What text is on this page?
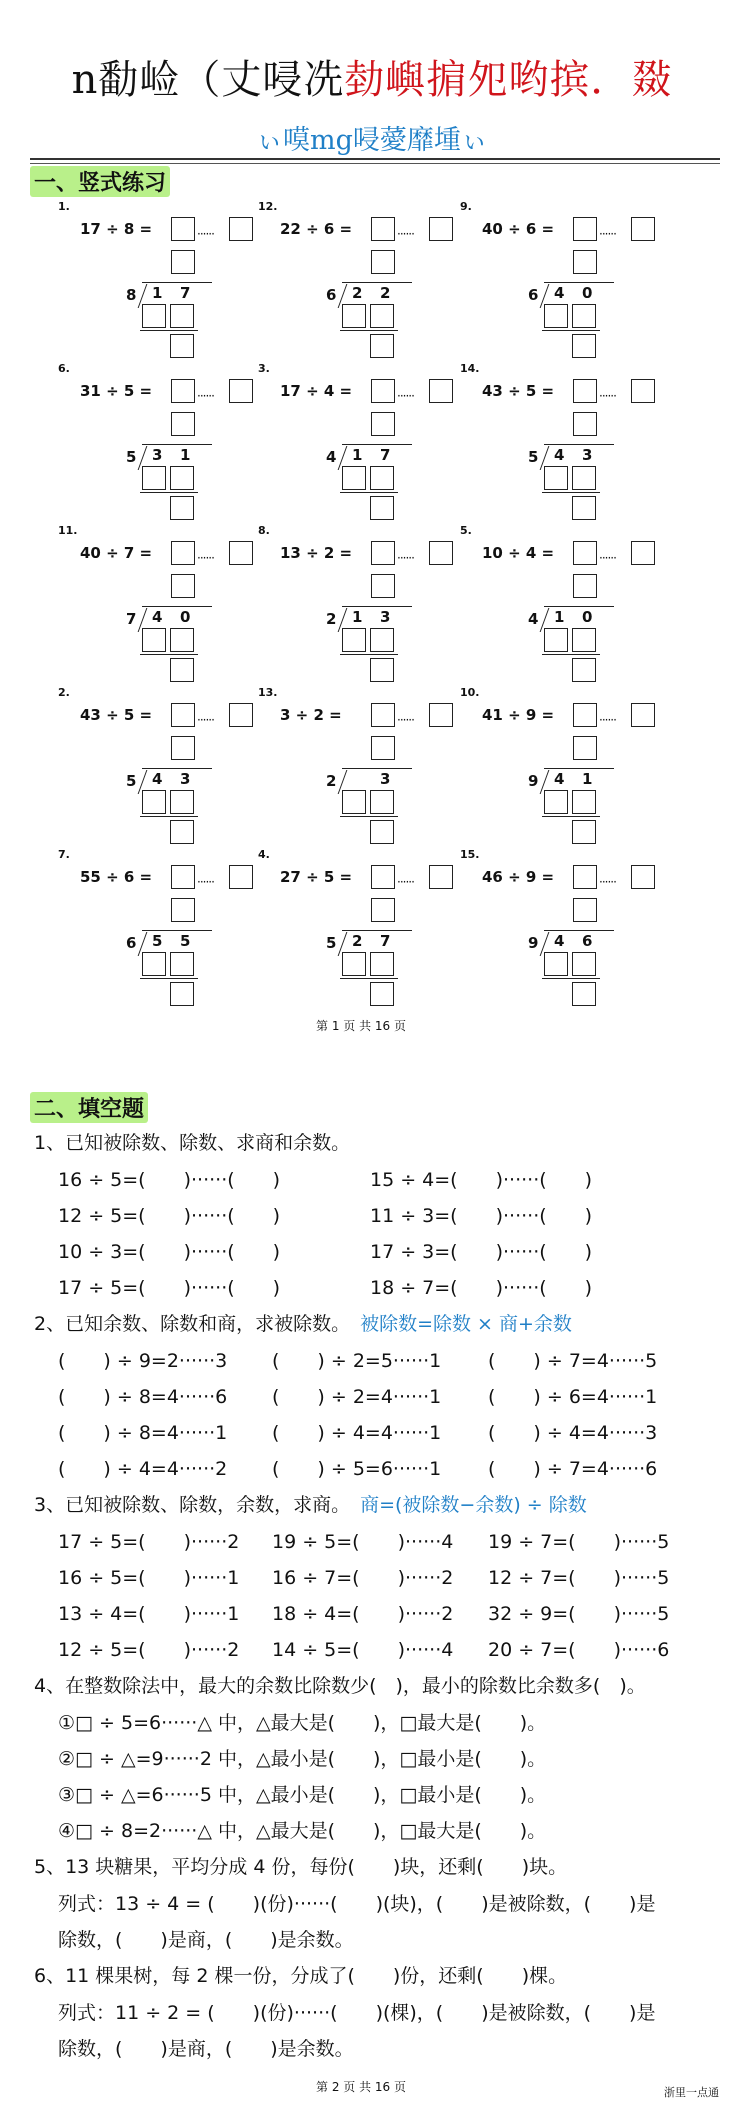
n勫崄（丈唚冼勎嶼掮夗哟摈．敠
ぃ嗼mg唚薆靡堹ぃ
一、竖式练习
1.
17 ÷ 8 =	······
8 1 7
6.
31 ÷ 5 =	······
5 3 1
11.
40 ÷ 7 =	······
7 4 0
2.
43 ÷ 5 =	······
5 4 3
7.
55 ÷ 6 =	······
6 5 5
12.
22 ÷ 6 =	······
6 2 2
3.
17 ÷ 4 =	······
4 1 7
8.
13 ÷ 2 =	······
2 1 3
13.
3 ÷ 2 =	······
2	3
4.
27 ÷ 5 =	······
5 2 7
9.
40 ÷ 6 =	······
6 4 0
14.
43 ÷ 5 =	······
5 4 3
5.
10 ÷ 4 =	······
4 1 0
10.
41 ÷ 9 =	······
9 4 1
15.
46 ÷ 9 =	······
9 4 6
第 1 页 共 16 页
二、填空题
1、已知被除数、除数、求商和余数。
16 ÷ 5=(　　)······(　　)	15 ÷ 4=(　　)······(　　)
12 ÷ 5=(　　)······(　　)	11 ÷ 3=(　　)······(　　)
10 ÷ 3=(　　)······(　　)	17 ÷ 3=(　　)······(　　)
17 ÷ 5=(　　)······(　　)	18 ÷ 7=(　　)······(　　)
2、已知余数、除数和商，求被除数。 被除数=除数 × 商+余数
(　　) ÷ 9=2······3 (　　) ÷ 2=5······1 (　　) ÷ 7=4······5
(　　) ÷ 8=4······6 (　　) ÷ 2=4······1 (　　) ÷ 6=4······1
(　　) ÷ 8=4······1 (　　) ÷ 4=4······1 (　　) ÷ 4=4······3
(　　) ÷ 4=4······2 (　　) ÷ 5=6······1 (　　) ÷ 7=4······6
3、已知被除数、除数，余数，求商。 商=(被除数−余数) ÷ 除数
17 ÷ 5=(　　)······2 19 ÷ 5=(　　)······4 19 ÷ 7=(　　)······5
16 ÷ 5=(　　)······1 16 ÷ 7=(　　)······2 12 ÷ 7=(　　)······5
13 ÷ 4=(　　)······1 18 ÷ 4=(　　)······2 32 ÷ 9=(　　)······5
12 ÷ 5=(　　)······2 14 ÷ 5=(　　)······4 20 ÷ 7=(　　)······6
4、在整数除法中，最大的余数比除数少(　)，最小的除数比余数多(　)。
①□ ÷ 5=6······△ 中，△最大是(　　)，□最大是(　　)。
②□ ÷ △=9······2 中，△最小是(　　)，□最小是(　　)。
③□ ÷ △=6······5 中，△最小是(　　)，□最小是(　　)。
④□ ÷ 8=2······△ 中，△最大是(　　)，□最大是(　　)。
5、13 块糖果，平均分成 4 份，每份(　　)块，还剩(　　)块。
列式：13 ÷ 4 = (　　)(份)······(　　)(块)，(　　)是被除数，(　　)是
除数，(　　)是商，(　　)是余数。
6、11 棵果树，每 2 棵一份，分成了(　　)份，还剩(　　)棵。
列式：11 ÷ 2 = (　　)(份)······(　　)(棵)，(　　)是被除数，(　　)是
除数，(　　)是商，(　　)是余数。
第 2 页 共 16 页	浙里一点通
